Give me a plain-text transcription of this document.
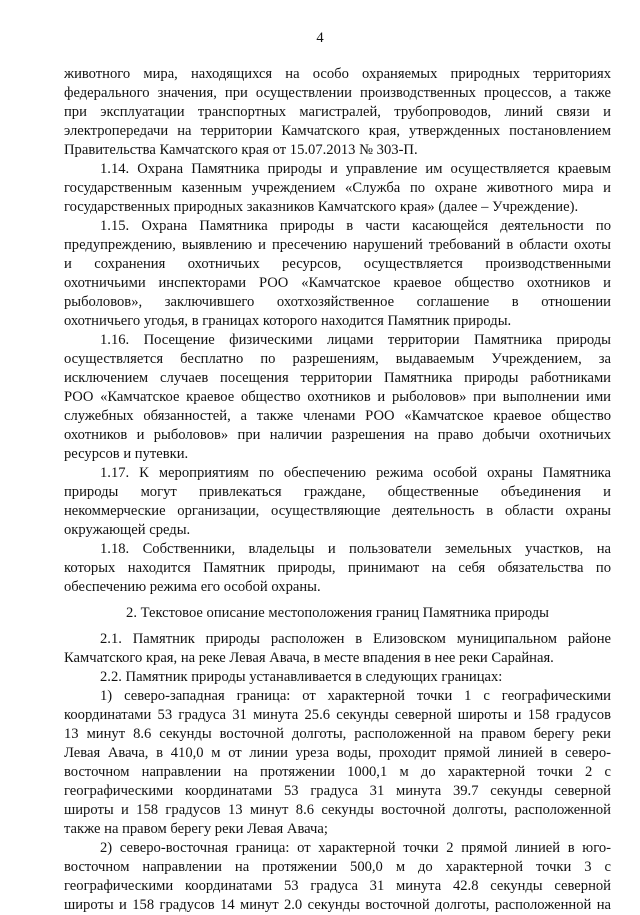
4
животного мира, находящихся на особо охраняемых природных территориях
федерального значения, при осуществлении производственных процессов, а также
при эксплуатации транспортных магистралей, трубопроводов, линий связи и
электропередачи на территории Камчатского края, утвержденных постановлением
Правительства Камчатского края от 15.07.2013 № 303-П.
1.14. Охрана Памятника природы и управление им осуществляется краевым
государственным казенным учреждением «Служба по охране животного мира и
государственных природных заказников Камчатского края» (далее – Учреждение).
1.15. Охрана Памятника природы в части касающейся деятельности по
предупреждению, выявлению и пресечению нарушений требований в области охоты
и сохранения охотничьих ресурсов, осуществляется производственными
охотничьими инспекторами РОО «Камчатское краевое общество охотников и
рыболовов», заключившего охотхозяйственное соглашение в отношении
охотничьего угодья, в границах которого находится Памятник природы.
1.16. Посещение физическими лицами территории Памятника природы
осуществляется бесплатно по разрешениям, выдаваемым Учреждением, за
исключением случаев посещения территории Памятника природы работниками
РОО «Камчатское краевое общество охотников и рыболовов» при выполнении ими
служебных обязанностей, а также членами РОО «Камчатское краевое общество
охотников и рыболовов» при наличии разрешения на право добычи охотничьих
ресурсов и путевки.
1.17. К мероприятиям по обеспечению режима особой охраны Памятника
природы могут привлекаться граждане, общественные объединения и
некоммерческие организации, осуществляющие деятельность в области охраны
окружающей среды.
1.18. Собственники, владельцы и пользователи земельных участков, на
которых находится Памятник природы, принимают на себя обязательства по
обеспечению режима его особой охраны.
2. Текстовое описание местоположения границ Памятника природы
2.1. Памятник природы расположен в Елизовском муниципальном районе
Камчатского края, на реке Левая Авача, в месте впадения в нее реки Сарайная.
2.2. Памятник природы устанавливается в следующих границах:
1) северо-западная граница: от характерной точки 1 с географическими
координатами 53 градуса 31 минута 25.6 секунды северной широты и 158 градусов
13 минут 8.6 секунды восточной долготы, расположенной на правом берегу реки
Левая Авача, в 410,0 м от линии уреза воды, проходит прямой линией в северо-
восточном направлении на протяжении 1000,1 м до характерной точки 2 с
географическими координатами 53 градуса 31 минута 39.7 секунды северной
широты и 158 градусов 13 минут 8.6 секунды восточной долготы, расположенной
также на правом берегу реки Левая Авача;
2) северо-восточная граница: от характерной точки 2 прямой линией в юго-
восточном направлении на протяжении 500,0 м до характерной точки 3 с
географическими координатами 53 градуса 31 минута 42.8 секунды северной
широты и 158 градусов 14 минут 2.0 секунды восточной долготы, расположенной на
